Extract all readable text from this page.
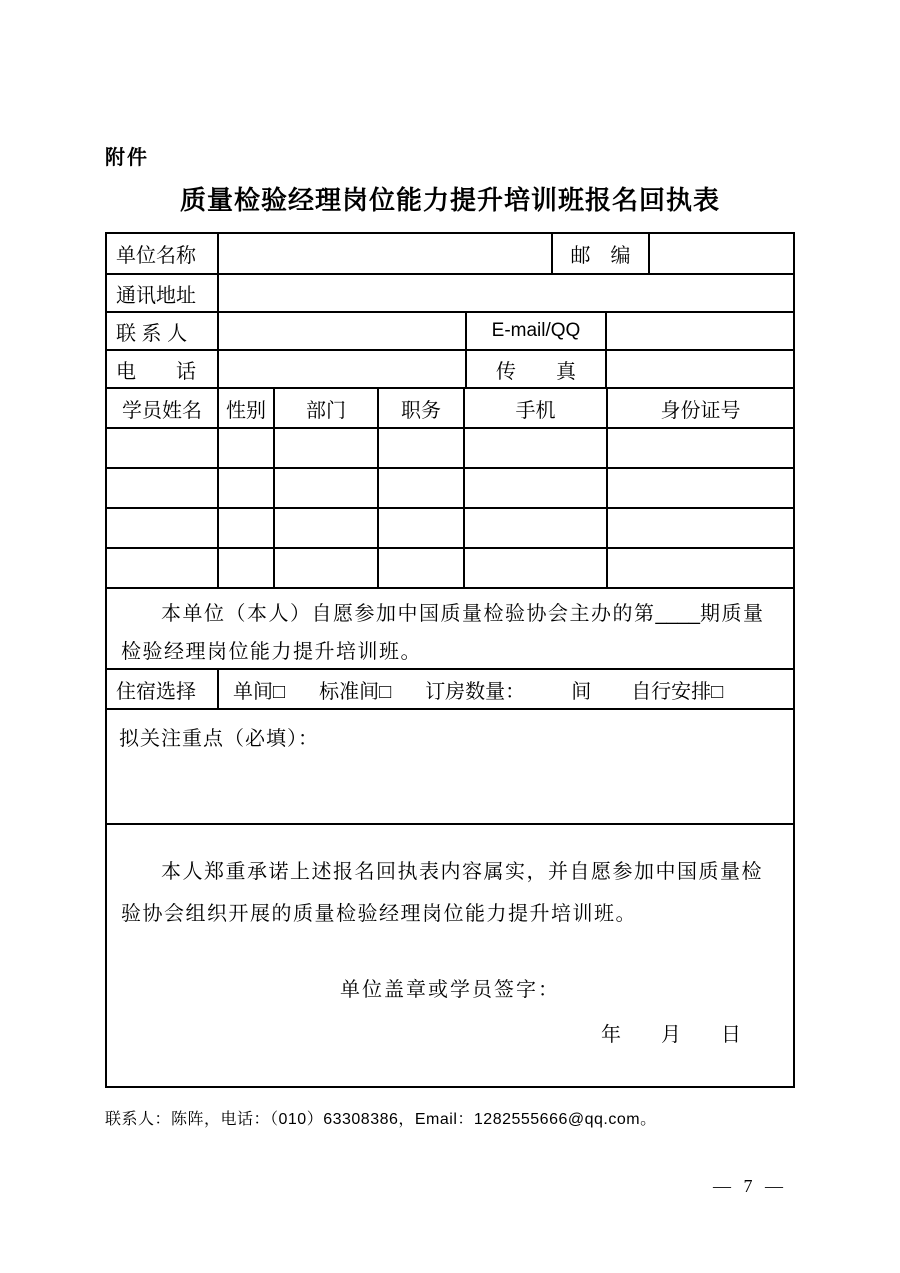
附件
质量检验经理岗位能力提升培训班报名回执表
单位名称	邮　编
通讯地址
联 系 人	E-mail/QQ
电　　话	传　　真
学员姓名	性别	部门	职务	手机	身份证号
本单位（本人）自愿参加中国质量检验协会主办的第____期质量检验经理岗位能力提升培训班。
住宿选择	单间□ 标准间□ 订房数量： 间 自行安排□
拟关注重点（必填）：
本人郑重承诺上述报名回执表内容属实，并自愿参加中国质量检验协会组织开展的质量检验经理岗位能力提升培训班。
单位盖章或学员签字：
年　　月　　日
联系人：陈阵，电话：（010）63308386，Email：1282555666@qq.com。
— 7 —
